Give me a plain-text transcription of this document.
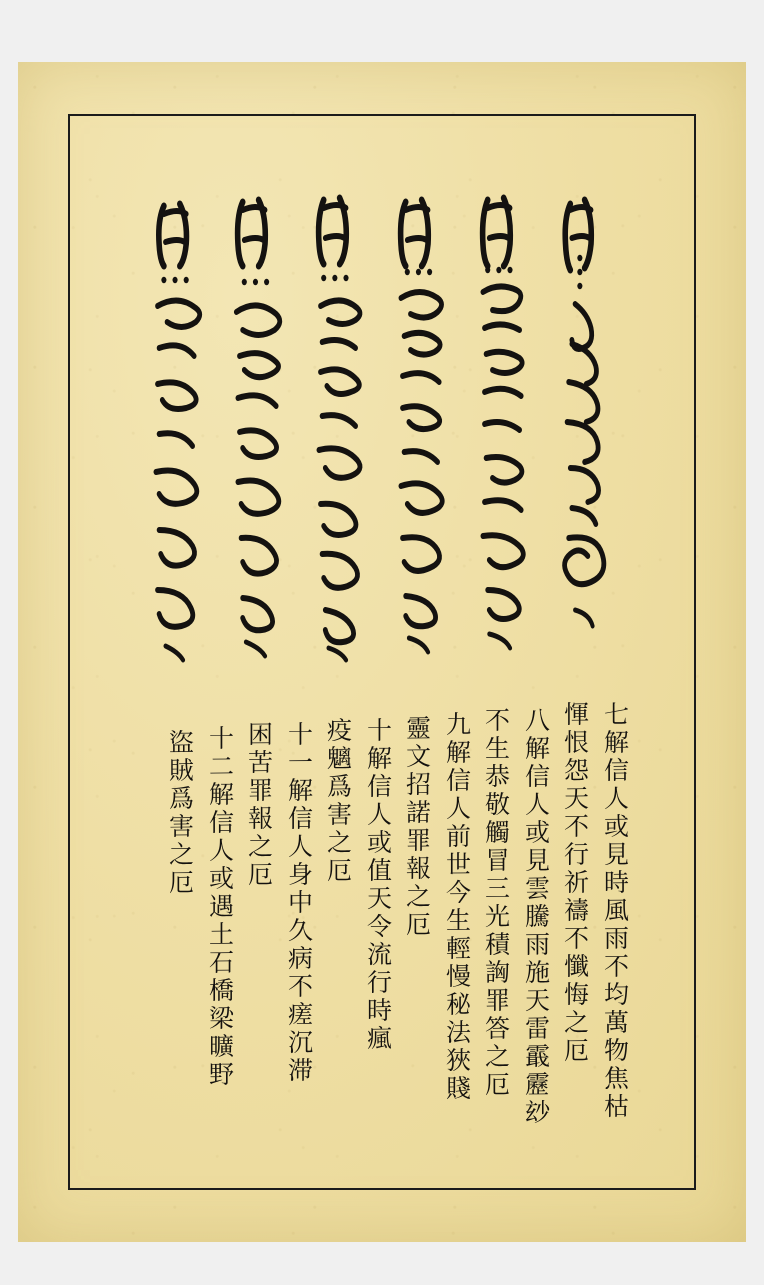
七解信人或見時風雨不均萬物焦枯
惲恨怨天不行祈禱不懺悔之厄
八解信人或見雲騰雨施天雷霵靂玅
不生恭敬觸冒三光積詾罪答之厄
九解信人前世今生輕慢秘法狹賤
靈文招諾罪報之厄
十解信人或值天令流行時瘋
疫魑爲害之厄
十一解信人身中久病不瘥沉滞
困苦罪報之厄
十二解信人或遇土石橋梁曠野
盜賊爲害之厄
